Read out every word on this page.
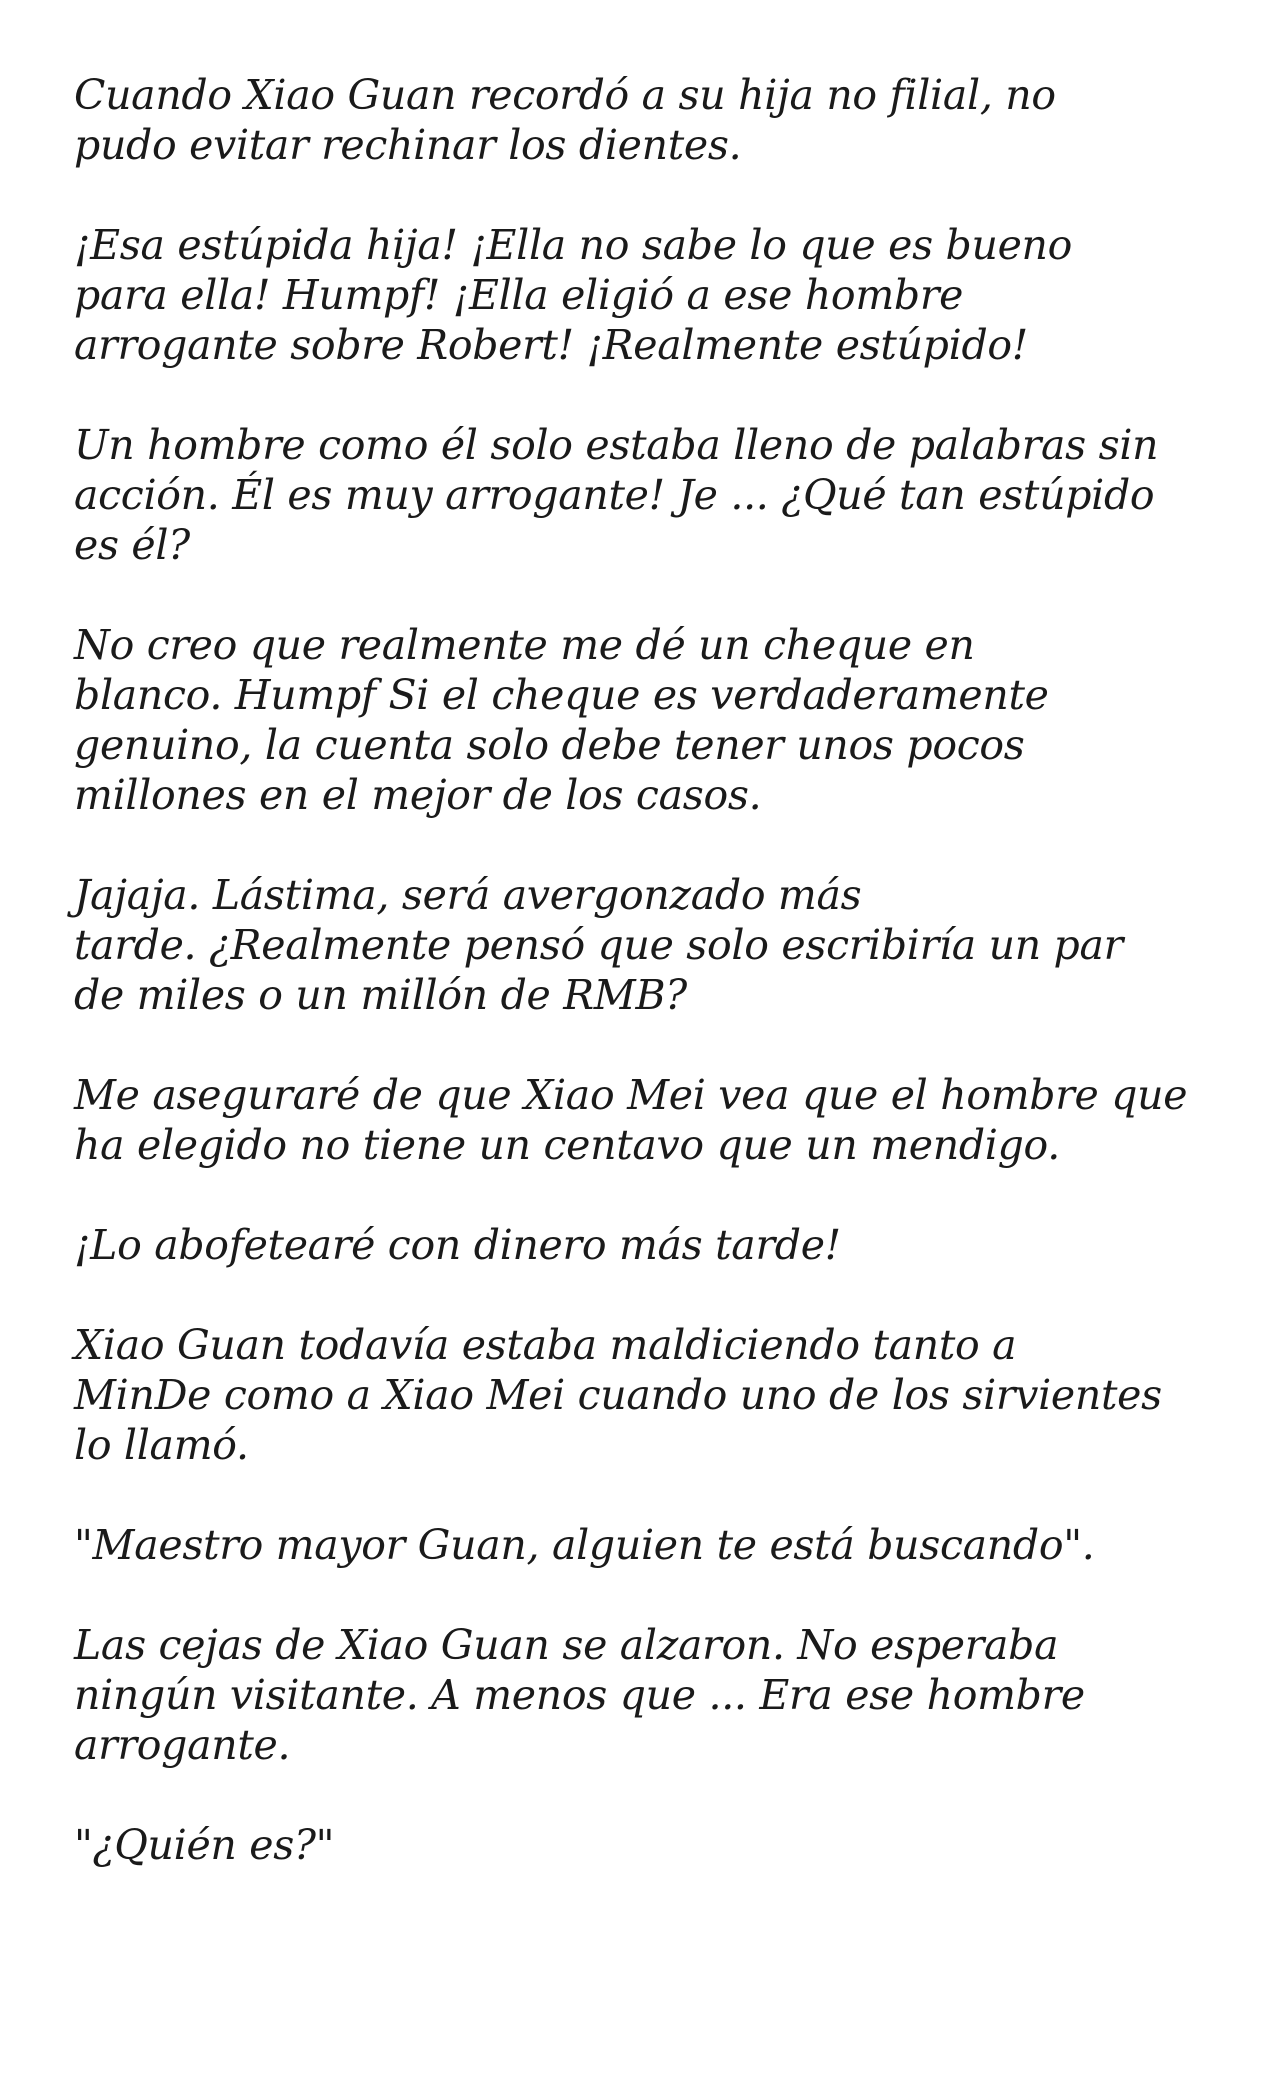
Cuando Xiao Guan recordó a su hija no filial, no
pudo evitar rechinar los dientes.

¡Esa estúpida hija! ¡Ella no sabe lo que es bueno
para ella! Humpf! ¡Ella eligió a ese hombre
arrogante sobre Robert! ¡Realmente estúpido!

Un hombre como él solo estaba lleno de palabras sin
acción. Él es muy arrogante! Je ... ¿Qué tan estúpido
es él?

No creo que realmente me dé un cheque en
blanco. Humpf Si el cheque es verdaderamente
genuino, la cuenta solo debe tener unos pocos
millones en el mejor de los casos.

Jajaja. Lástima, será avergonzado más
tarde. ¿Realmente pensó que solo escribiría un par
de miles o un millón de RMB?

Me aseguraré de que Xiao Mei vea que el hombre que
ha elegido no tiene un centavo que un mendigo.

¡Lo abofetearé con dinero más tarde!

Xiao Guan todavía estaba maldiciendo tanto a
MinDe como a Xiao Mei cuando uno de los sirvientes
lo llamó.

"Maestro mayor Guan, alguien te está buscando".

Las cejas de Xiao Guan se alzaron. No esperaba
ningún visitante. A menos que ... Era ese hombre
arrogante.

"¿Quién es?"
